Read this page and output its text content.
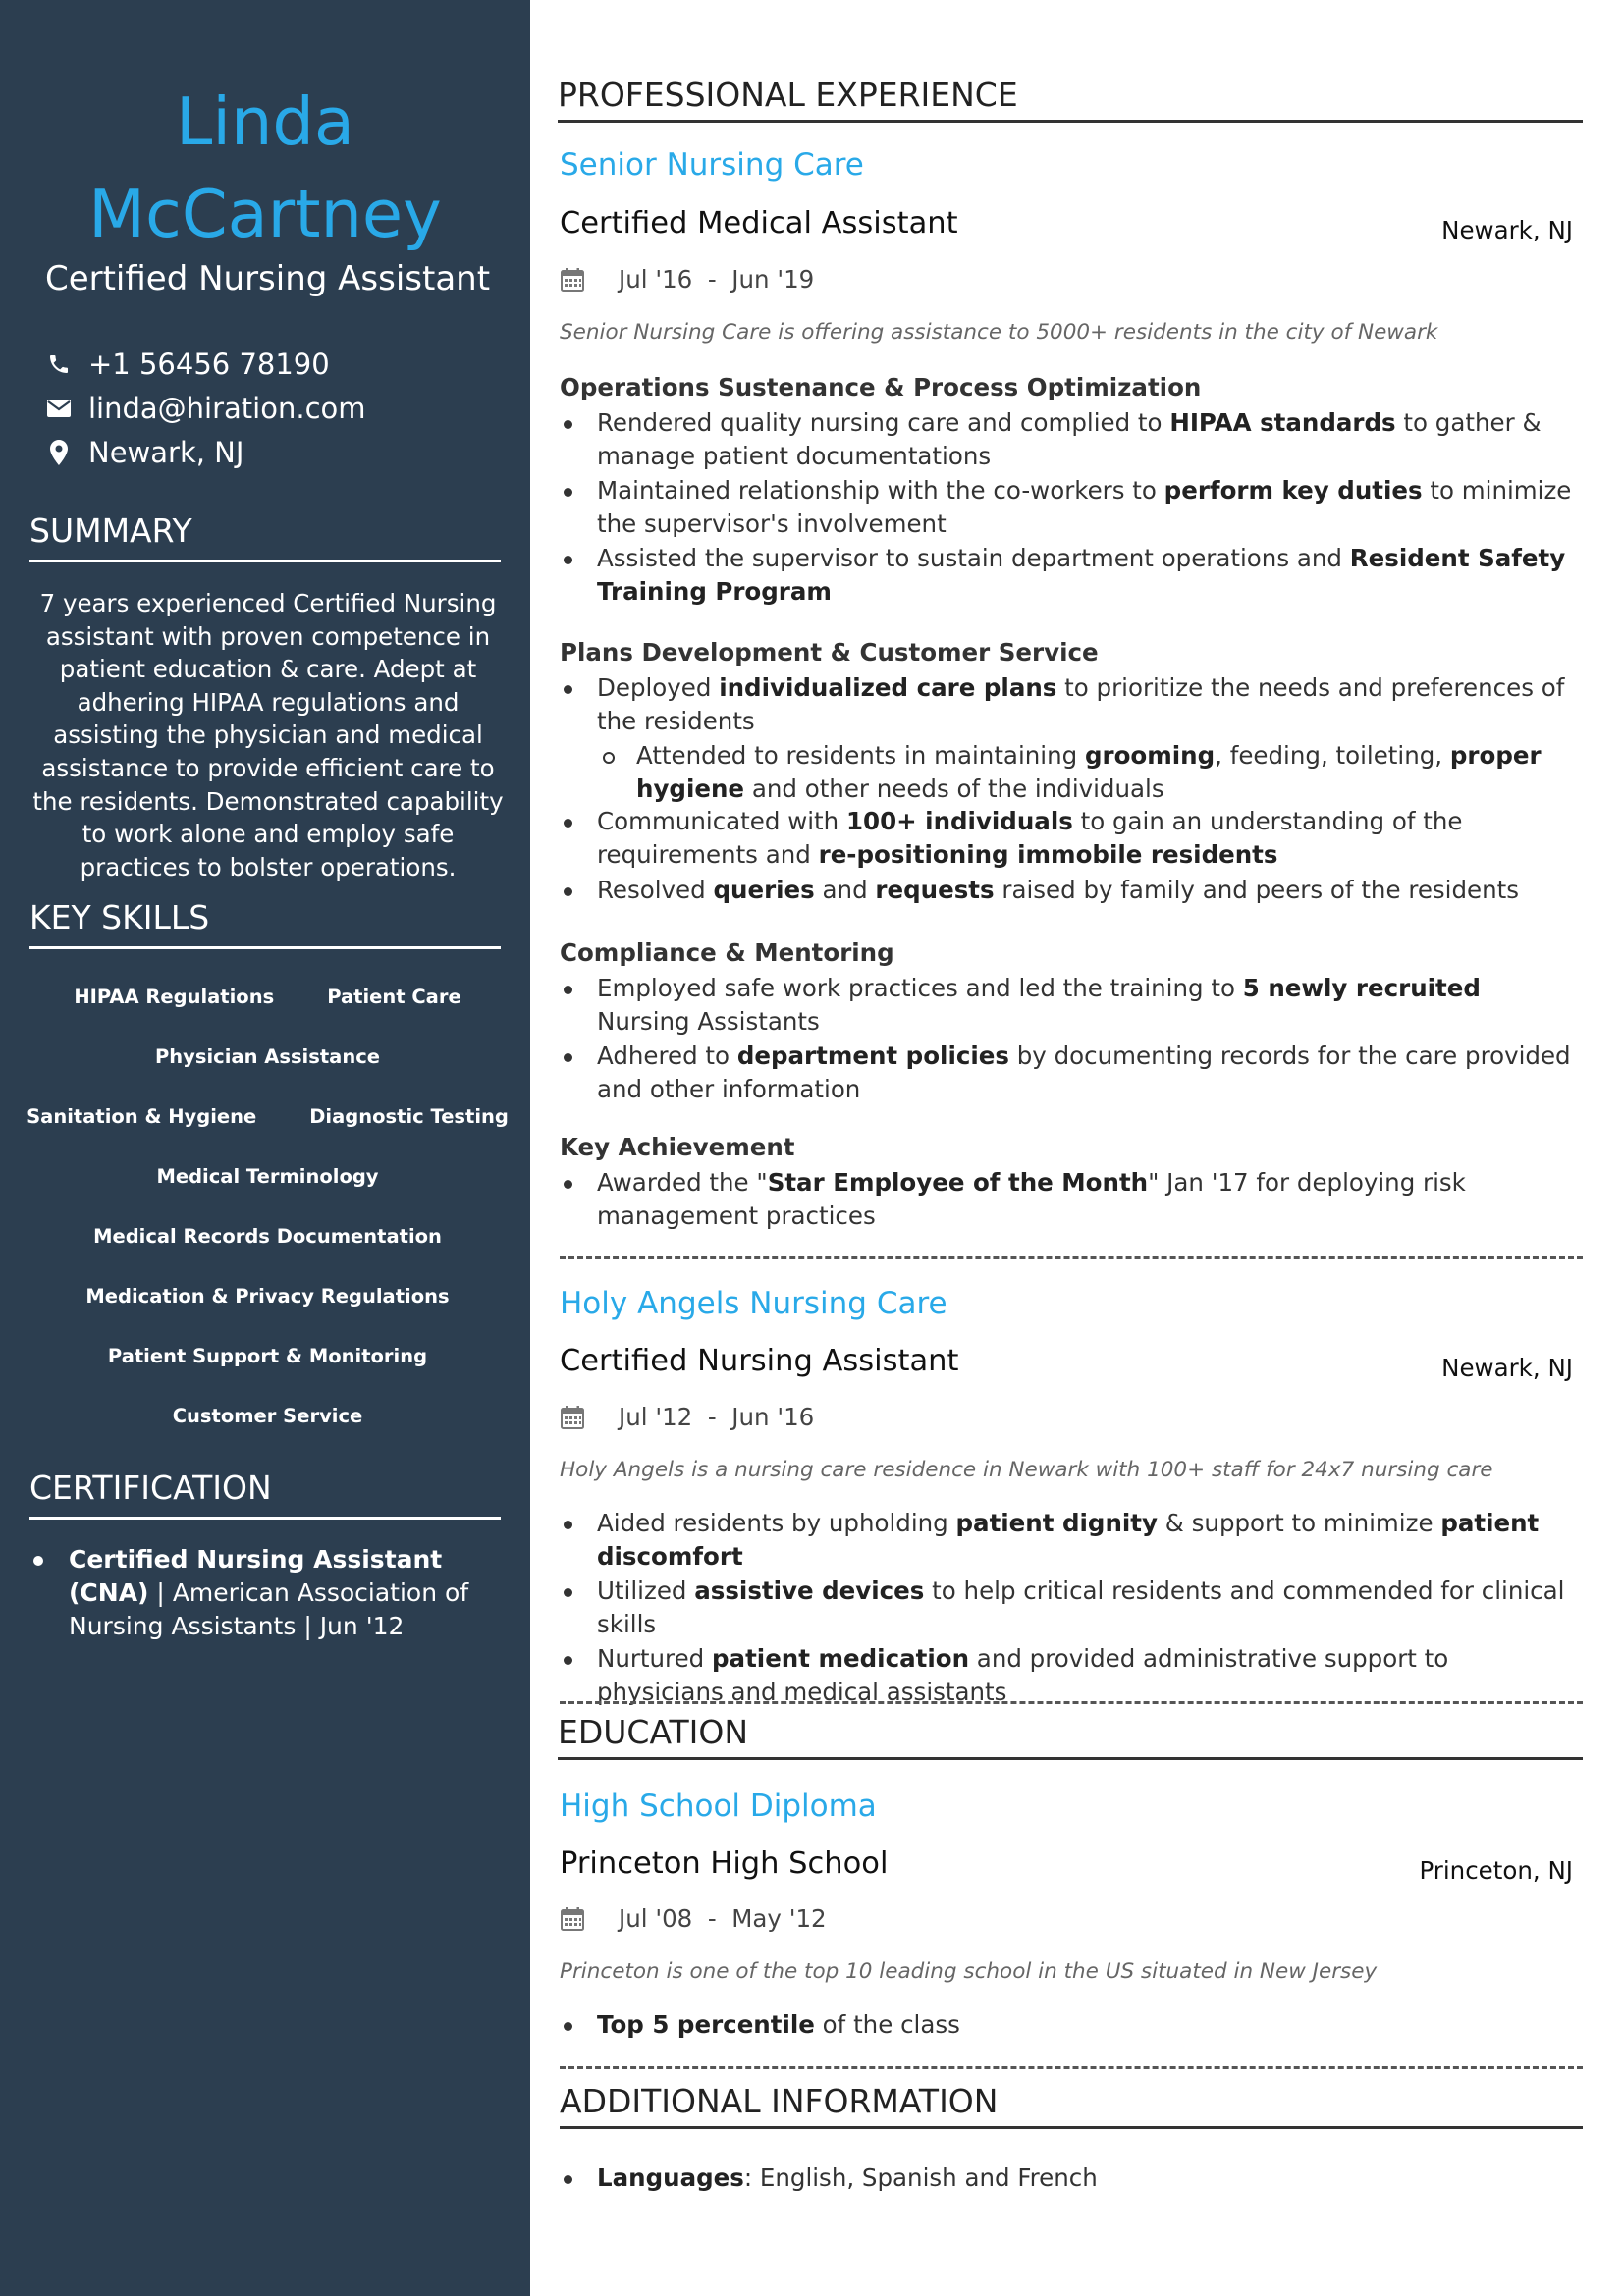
Linda
McCartney
Certified Nursing Assistant
+1 56456 78190
linda@hiration.com
Newark, NJ
SUMMARY
7 years experienced Certified Nursing assistant with proven competence in patient education & care. Adept at adhering HIPAA regulations and assisting the physician and medical assistance to provide efficient care to the residents. Demonstrated capability to work alone and employ safe practices to bolster operations.
KEY SKILLS
HIPAA Regulations	Patient Care
Physician Assistance
Sanitation & Hygiene	Diagnostic Testing
Medical Terminology
Medical Records Documentation
Medication & Privacy Regulations
Patient Support & Monitoring
Customer Service
CERTIFICATION
Certified Nursing Assistant (CNA) | American Association of Nursing Assistants | Jun '12
PROFESSIONAL EXPERIENCE
Senior Nursing Care
Certified Medical Assistant	Newark, NJ
Jul '16
-
Jun '19
Senior Nursing Care is offering assistance to 5000+ residents in the city of Newark
Operations Sustenance & Process Optimization
Rendered quality nursing care and complied to HIPAA standards to gather & manage patient documentations
Maintained relationship with the co-workers to perform key duties to minimize the supervisor's involvement
Assisted the supervisor to sustain department operations and Resident Safety Training Program
Plans Development & Customer Service
Deployed individualized care plans to prioritize the needs and preferences of the residents
Attended to residents in maintaining grooming, feeding, toileting, proper hygiene and other needs of the individuals
Communicated with 100+ individuals to gain an understanding of the requirements and re-positioning immobile residents
Resolved queries and requests raised by family and peers of the residents
Compliance & Mentoring
Employed safe work practices and led the training to 5 newly recruited Nursing Assistants
Adhered to department policies by documenting records for the care provided and other information
Key Achievement
Awarded the "Star Employee of the Month" Jan '17 for deploying risk management practices
Holy Angels Nursing Care
Certified Nursing Assistant	Newark, NJ
Jul '12
-
Jun '16
Holy Angels is a nursing care residence in Newark with 100+ staff for 24x7 nursing care
Aided residents by upholding patient dignity & support to minimize patient discomfort
Utilized assistive devices to help critical residents and commended for clinical skills
Nurtured patient medication and provided administrative support to physicians and medical assistants
EDUCATION
High School Diploma
Princeton High School	Princeton, NJ
Jul '08
-
May '12
Princeton is one of the top 10 leading school in the US situated in New Jersey
Top 5 percentile of the class
ADDITIONAL INFORMATION
Languages: English, Spanish and French
